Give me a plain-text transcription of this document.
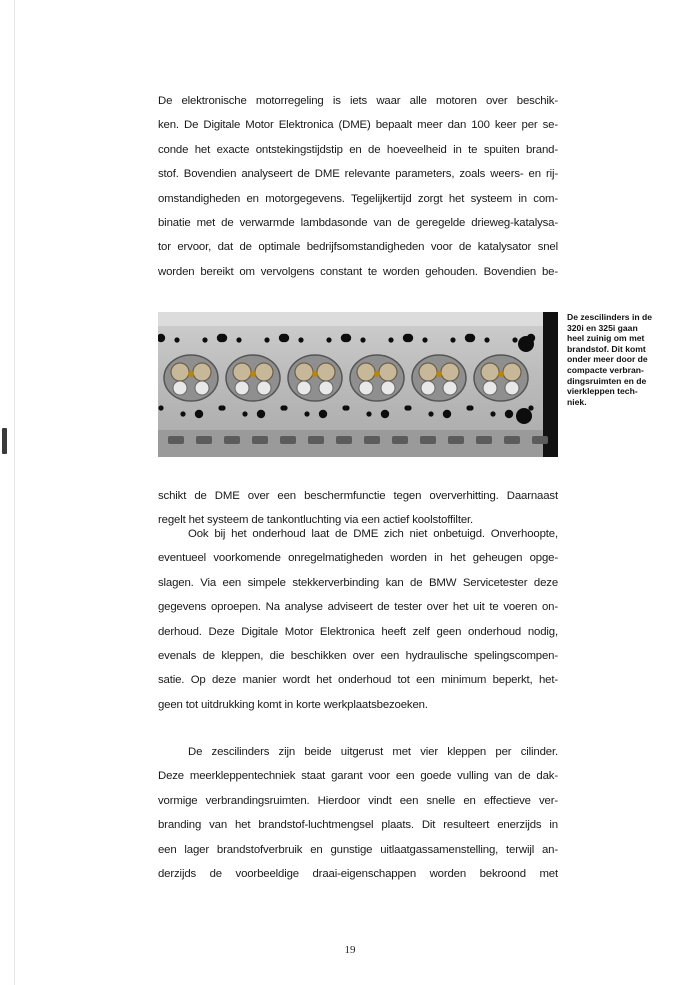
De elektronische motorregeling is iets waar alle motoren over beschik-
ken. De Digitale Motor Elektronica (DME) bepaalt meer dan 100 keer per se-
conde het exacte ontstekingstijdstip en de hoeveelheid in te spuiten brand-
stof. Bovendien analyseert de DME relevante parameters, zoals weers- en rij-
omstandigheden en motorgegevens. Tegelijkertijd zorgt het systeem in com-
binatie met de verwarmde lambdasonde van de geregelde drieweg-katalysa-
tor ervoor, dat de optimale bedrijfsomstandigheden voor de katalysator snel
worden bereikt om vervolgens constant te worden gehouden. Bovendien be-
De zescilinders in de
320i en 325i gaan
heel zuinig om met
brandstof. Dit komt
onder meer door de
compacte verbran-
dingsruimten en de
vierkleppen tech-
niek.
schikt de DME over een beschermfunctie tegen oververhitting. Daarnaast
regelt het systeem de tankontluchting via een actief koolstoffilter.
Ook bij het onderhoud laat de DME zich niet onbetuigd. Onverhoopte,
eventueel voorkomende onregelmatigheden worden in het geheugen opge-
slagen. Via een simpele stekkerverbinding kan de BMW Servicetester deze
gegevens oproepen. Na analyse adviseert de tester over het uit te voeren on-
derhoud. Deze Digitale Motor Elektronica heeft zelf geen onderhoud nodig,
evenals de kleppen, die beschikken over een hydraulische spelingscompen-
satie. Op deze manier wordt het onderhoud tot een minimum beperkt, het-
geen tot uitdrukking komt in korte werkplaatsbezoeken.
De zescilinders zijn beide uitgerust met vier kleppen per cilinder.
Deze meerkleppentechniek staat garant voor een goede vulling van de dak-
vormige verbrandingsruimten. Hierdoor vindt een snelle en effectieve ver-
branding van het brandstof-luchtmengsel plaats. Dit resulteert enerzijds in
een lager brandstofverbruik en gunstige uitlaatgassamenstelling, terwijl an-
derzijds de voorbeeldige draai-eigenschappen worden bekroond met
19
